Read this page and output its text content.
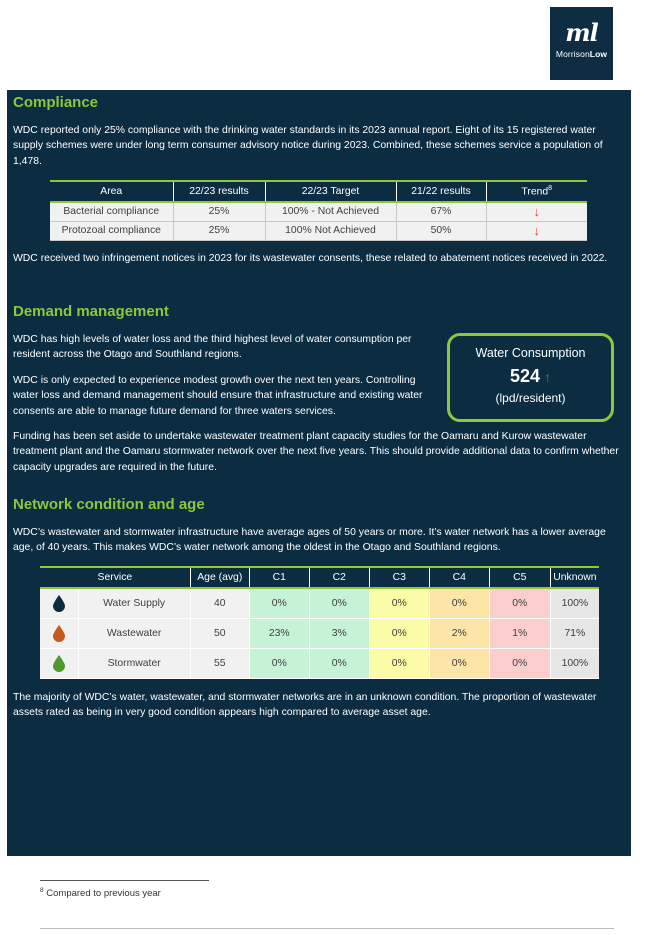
ml
MorrisonLow
Compliance
WDC reported only 25% compliance with the drinking water standards in its 2023 annual report. Eight of its 15 registered water supply schemes were under long term consumer advisory notice during 2023. Combined, these schemes service a population of 1,478.
Area	22/23 results	22/23 Target	21/22 results	Trend$^8$
Bacterial compliance	25%	100% - Not Achieved	67%	↓
Protozoal compliance	25%	100% Not Achieved	50%	↓
WDC received two infringement notices in 2023 for its wastewater consents, these related to abatement notices received in 2022.
Demand management
WDC has high levels of water loss and the third highest level of water consumption per resident across the Otago and Southland regions.
WDC is only expected to experience modest growth over the next ten years. Controlling water loss and demand management should ensure that infrastructure and existing water consents are able to manage future demand for three waters services.
Water Consumption
524 ↑
(lpd/resident)
Funding has been set aside to undertake wastewater treatment plant capacity studies for the Oamaru and Kurow wastewater treatment plant and the Oamaru stormwater network over the next five years. This should provide additional data to confirm whether capacity upgrades are required in the future.
Network condition and age
WDC’s wastewater and stormwater infrastructure have average ages of 50 years or more. It’s water network has a lower average age, of 40 years. This makes WDC’s water network among the oldest in the Otago and Southland regions.
Service		Age (avg)	C1	C2	C3	C4	C5	Unknown
	Water Supply	40	0%	0%	0%	0%	0%	100%
	Wastewater	50	23%	3%	0%	2%	1%	71%
	Stormwater	55	0%	0%	0%	0%	0%	100%
The majority of WDC’s water, wastewater, and stormwater networks are in an unknown condition. The proportion of wastewater assets rated as being in very good condition appears high compared to average asset age.
$^8$ Compared to previous year
